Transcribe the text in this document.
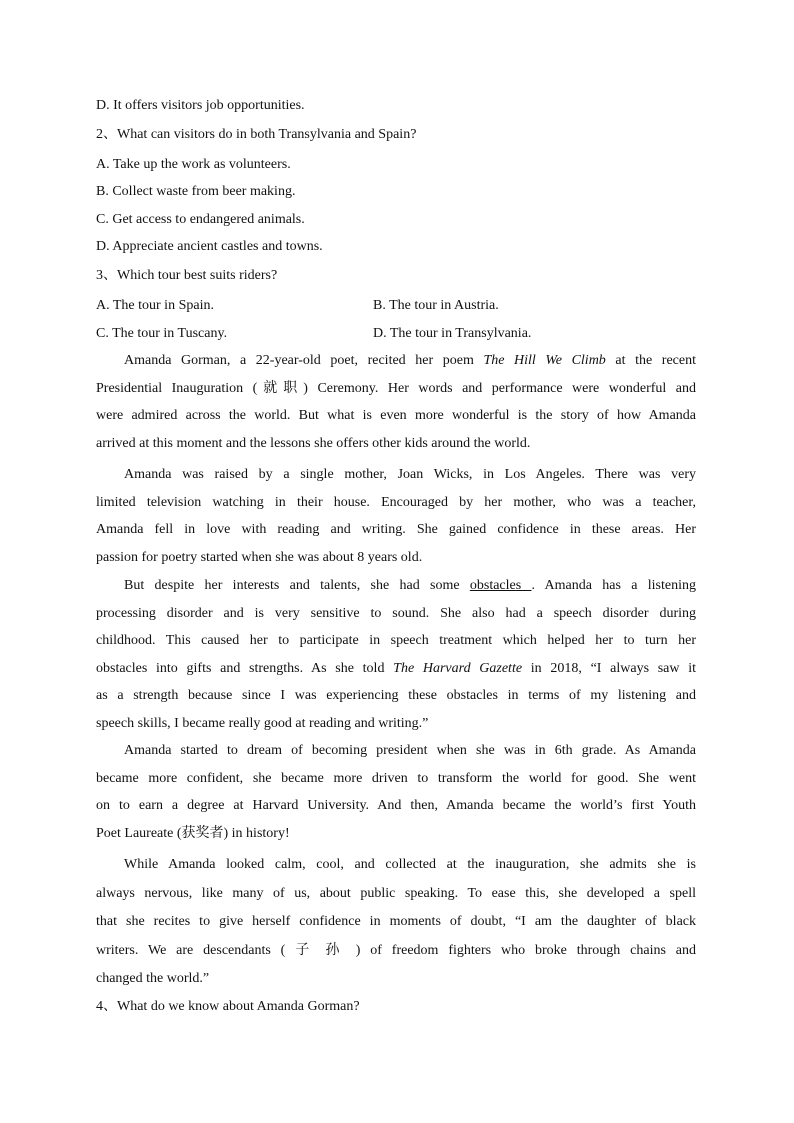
D. It offers visitors job opportunities.
2、What can visitors do in both Transylvania and Spain?
A. Take up the work as volunteers.
B. Collect waste from beer making.
C. Get access to endangered animals.
D. Appreciate ancient castles and towns.
3、Which tour best suits riders?
A. The tour in Spain.	B. The tour in Austria.
C. The tour in Tuscany.	D. The tour in Transylvania.
Amanda Gorman, a 22-year-old poet, recited her poem The Hill We Climb at the recent
Presidential Inauguration (就职) Ceremony. Her words and performance were wonderful and
were admired across the world. But what is even more wonderful is the story of how Amanda
arrived at this moment and the lessons she offers other kids around the world.
Amanda was raised by a single mother, Joan Wicks, in Los Angeles. There was very
limited television watching in their house. Encouraged by her mother, who was a teacher,
Amanda fell in love with reading and writing. She gained confidence in these areas. Her
passion for poetry started when she was about 8 years old.
But despite her interests and talents, she had some obstacles . Amanda has a listening
processing disorder and is very sensitive to sound. She also had a speech disorder during
childhood. This caused her to participate in speech treatment which helped her to turn her
obstacles into gifts and strengths. As she told The Harvard Gazette in 2018, “I always saw it
as a strength because since I was experiencing these obstacles in terms of my listening and
speech skills, I became really good at reading and writing.”
Amanda started to dream of becoming president when she was in 6th grade. As Amanda
became more confident, she became more driven to transform the world for good. She went
on to earn a degree at Harvard University. And then, Amanda became the world’s first Youth
Poet Laureate (获奖者) in history!
While Amanda looked calm, cool, and collected at the inauguration, she admits she is
always nervous, like many of us, about public speaking. To ease this, she developed a spell
that she recites to give herself confidence in moments of doubt, “I am the daughter of black
writers. We are descendants ( 子 孙 ) of freedom fighters who broke through chains and
changed the world.”
4、What do we know about Amanda Gorman?
